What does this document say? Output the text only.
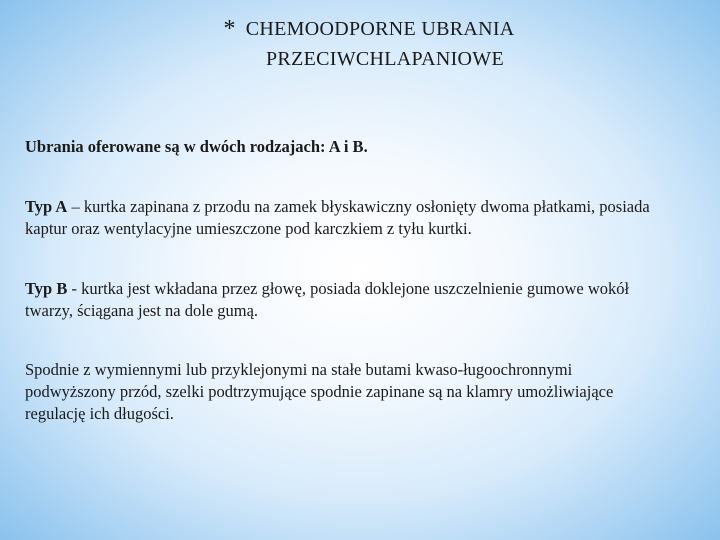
* CHEMOODPORNE UBRANIA
PRZECIWCHLAPANIOWE

Ubrania oferowane są w dwóch rodzajach: A i B.

Typ A – kurtka zapinana z przodu na zamek błyskawiczny osłonięty dwoma płatkami, posiada kaptur oraz wentylacyjne umieszczone pod karczkiem z tyłu kurtki.

Typ B - kurtka jest wkładana przez głowę, posiada doklejone uszczelnienie gumowe wokół twarzy, ściągana jest na dole gumą.

Spodnie z wymiennymi lub przyklejonymi na stałe butami kwaso-ługoochronnymi podwyższony przód, szelki podtrzymujące spodnie zapinane są na klamry umożliwiające regulację ich długości.
